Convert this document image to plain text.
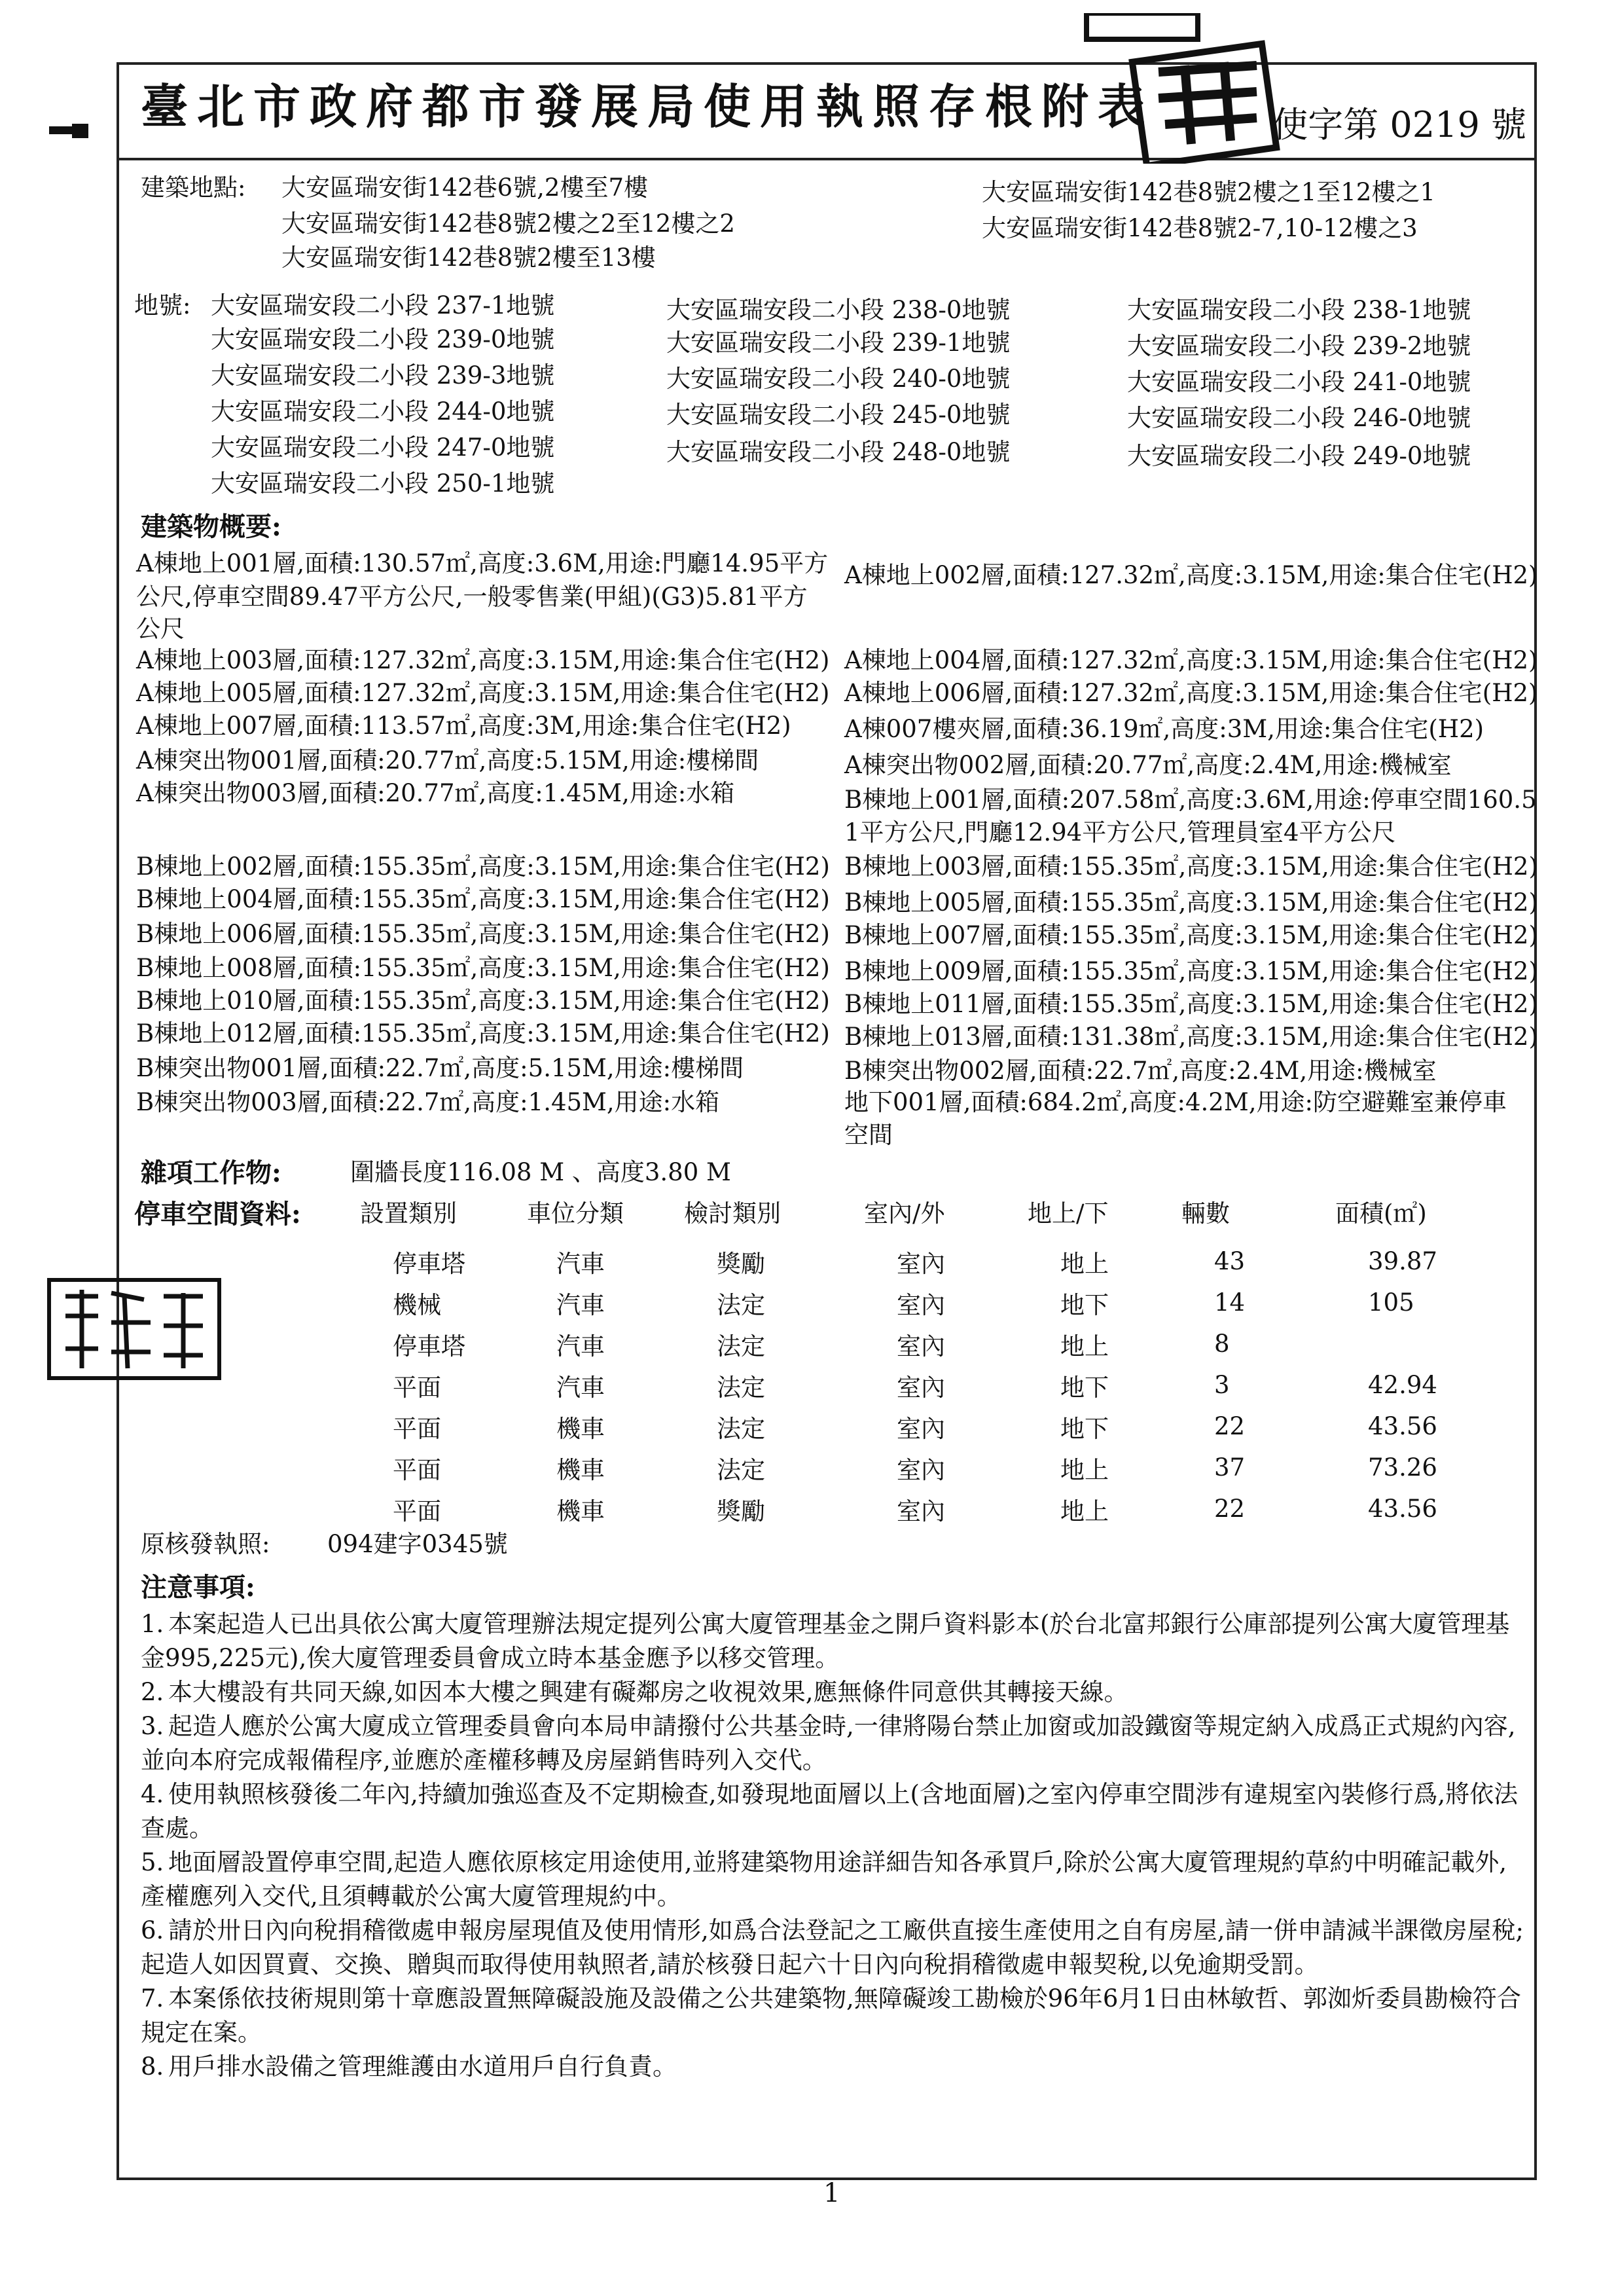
臺北市政府都市發展局使用執照存根附表	使字第 0219 號
建築地點: 大安區瑞安街142巷6號,2樓至7樓
大安區瑞安街142巷8號2樓之2至12樓之2
大安區瑞安街142巷8號2樓至13樓
大安區瑞安街142巷8號2樓之1至12樓之1
大安區瑞安街142巷8號2-7,10-12樓之3
地號: 大安區瑞安段二小段 237-1地號	大安區瑞安段二小段 238-0地號	大安區瑞安段二小段 238-1地號
大安區瑞安段二小段 239-0地號	大安區瑞安段二小段 239-1地號	大安區瑞安段二小段 239-2地號
大安區瑞安段二小段 239-3地號	大安區瑞安段二小段 240-0地號	大安區瑞安段二小段 241-0地號
大安區瑞安段二小段 244-0地號	大安區瑞安段二小段 245-0地號	大安區瑞安段二小段 246-0地號
大安區瑞安段二小段 247-0地號	大安區瑞安段二小段 248-0地號	大安區瑞安段二小段 249-0地號
大安區瑞安段二小段 250-1地號
建築物概要:
A棟地上001層,面積:130.57㎡,高度:3.6M,用途:門廳14.95平方
公尺,停車空間89.47平方公尺,一般零售業(甲組)(G3)5.81平方
公尺
A棟地上002層,面積:127.32㎡,高度:3.15M,用途:集合住宅(H2)
A棟地上003層,面積:127.32㎡,高度:3.15M,用途:集合住宅(H2) A棟地上004層,面積:127.32㎡,高度:3.15M,用途:集合住宅(H2)
A棟地上005層,面積:127.32㎡,高度:3.15M,用途:集合住宅(H2) A棟地上006層,面積:127.32㎡,高度:3.15M,用途:集合住宅(H2)
A棟地上007層,面積:113.57㎡,高度:3M,用途:集合住宅(H2) A棟007樓夾層,面積:36.19㎡,高度:3M,用途:集合住宅(H2)
A棟突出物001層,面積:20.77㎡,高度:5.15M,用途:樓梯間	A棟突出物002層,面積:20.77㎡,高度:2.4M,用途:機械室
A棟突出物003層,面積:20.77㎡,高度:1.45M,用途:水箱	B棟地上001層,面積:207.58㎡,高度:3.6M,用途:停車空間160.5
1平方公尺,門廳12.94平方公尺,管理員室4平方公尺
B棟地上002層,面積:155.35㎡,高度:3.15M,用途:集合住宅(H2) B棟地上003層,面積:155.35㎡,高度:3.15M,用途:集合住宅(H2)
B棟地上004層,面積:155.35㎡,高度:3.15M,用途:集合住宅(H2) B棟地上005層,面積:155.35㎡,高度:3.15M,用途:集合住宅(H2)
B棟地上006層,面積:155.35㎡,高度:3.15M,用途:集合住宅(H2) B棟地上007層,面積:155.35㎡,高度:3.15M,用途:集合住宅(H2)
B棟地上008層,面積:155.35㎡,高度:3.15M,用途:集合住宅(H2) B棟地上009層,面積:155.35㎡,高度:3.15M,用途:集合住宅(H2)
B棟地上010層,面積:155.35㎡,高度:3.15M,用途:集合住宅(H2) B棟地上011層,面積:155.35㎡,高度:3.15M,用途:集合住宅(H2)
B棟地上012層,面積:155.35㎡,高度:3.15M,用途:集合住宅(H2) B棟地上013層,面積:131.38㎡,高度:3.15M,用途:集合住宅(H2)
B棟突出物001層,面積:22.7㎡,高度:5.15M,用途:樓梯間	B棟突出物002層,面積:22.7㎡,高度:2.4M,用途:機械室
B棟突出物003層,面積:22.7㎡,高度:1.45M,用途:水箱	地下001層,面積:684.2㎡,高度:4.2M,用途:防空避難室兼停車
空間
雜項工作物:	圍牆長度116.08 M 、高度3.80 M
停車空間資料: 設置類別	車位分類 檢討類別	室內/外	地上/下	輛數	面積(㎡)
停車塔	汽車	獎勵	室內	地上	43	39.87
機械	汽車	法定	室內	地下	14	105
停車塔	汽車	法定	室內	地上	8	
平面	汽車	法定	室內	地下	3	42.94
平面	機車	法定	室內	地下	22	43.56
平面	機車	法定	室內	地上	37	73.26
平面	機車	獎勵	室內	地上	22	43.56
原核發執照: 094建字0345號
注意事項:

1. 本案起造人已出具依公寓大廈管理辦法規定提列公寓大廈管理基金之開戶資料影本(於台北富邦銀行公庫部提列公寓大廈管理基金995,225元),俟大廈管理委員會成立時本基金應予以移交管理。

2. 本大樓設有共同天線,如因本大樓之興建有礙鄰房之收視效果,應無條件同意供其轉接天線。

3. 起造人應於公寓大廈成立管理委員會向本局申請撥付公共基金時,一律將陽台禁止加窗或加設鐵窗等規定納入成爲正式規約內容,並向本府完成報備程序,並應於產權移轉及房屋銷售時列入交代。

4. 使用執照核發後二年內,持續加強巡查及不定期檢查,如發現地面層以上(含地面層)之室內停車空間涉有違規室內裝修行爲,將依法查處。

5. 地面層設置停車空間,起造人應依原核定用途使用,並將建築物用途詳細告知各承買戶,除於公寓大廈管理規約草約中明確記載外,產權應列入交代,且須轉載於公寓大廈管理規約中。

6. 請於卅日內向稅捐稽徵處申報房屋現值及使用情形,如爲合法登記之工廠供直接生產使用之自有房屋,請一併申請減半課徵房屋稅;起造人如因買賣、交換、贈與而取得使用執照者,請於核發日起六十日內向稅捐稽徵處申報契稅,以免逾期受罰。

7. 本案係依技術規則第十章應設置無障礙設施及設備之公共建築物,無障礙竣工勘檢於96年6月1日由林敏哲、郭洳炘委員勘檢符合規定在案。

8. 用戶排水設備之管理維護由水道用戶自行負責。

1
